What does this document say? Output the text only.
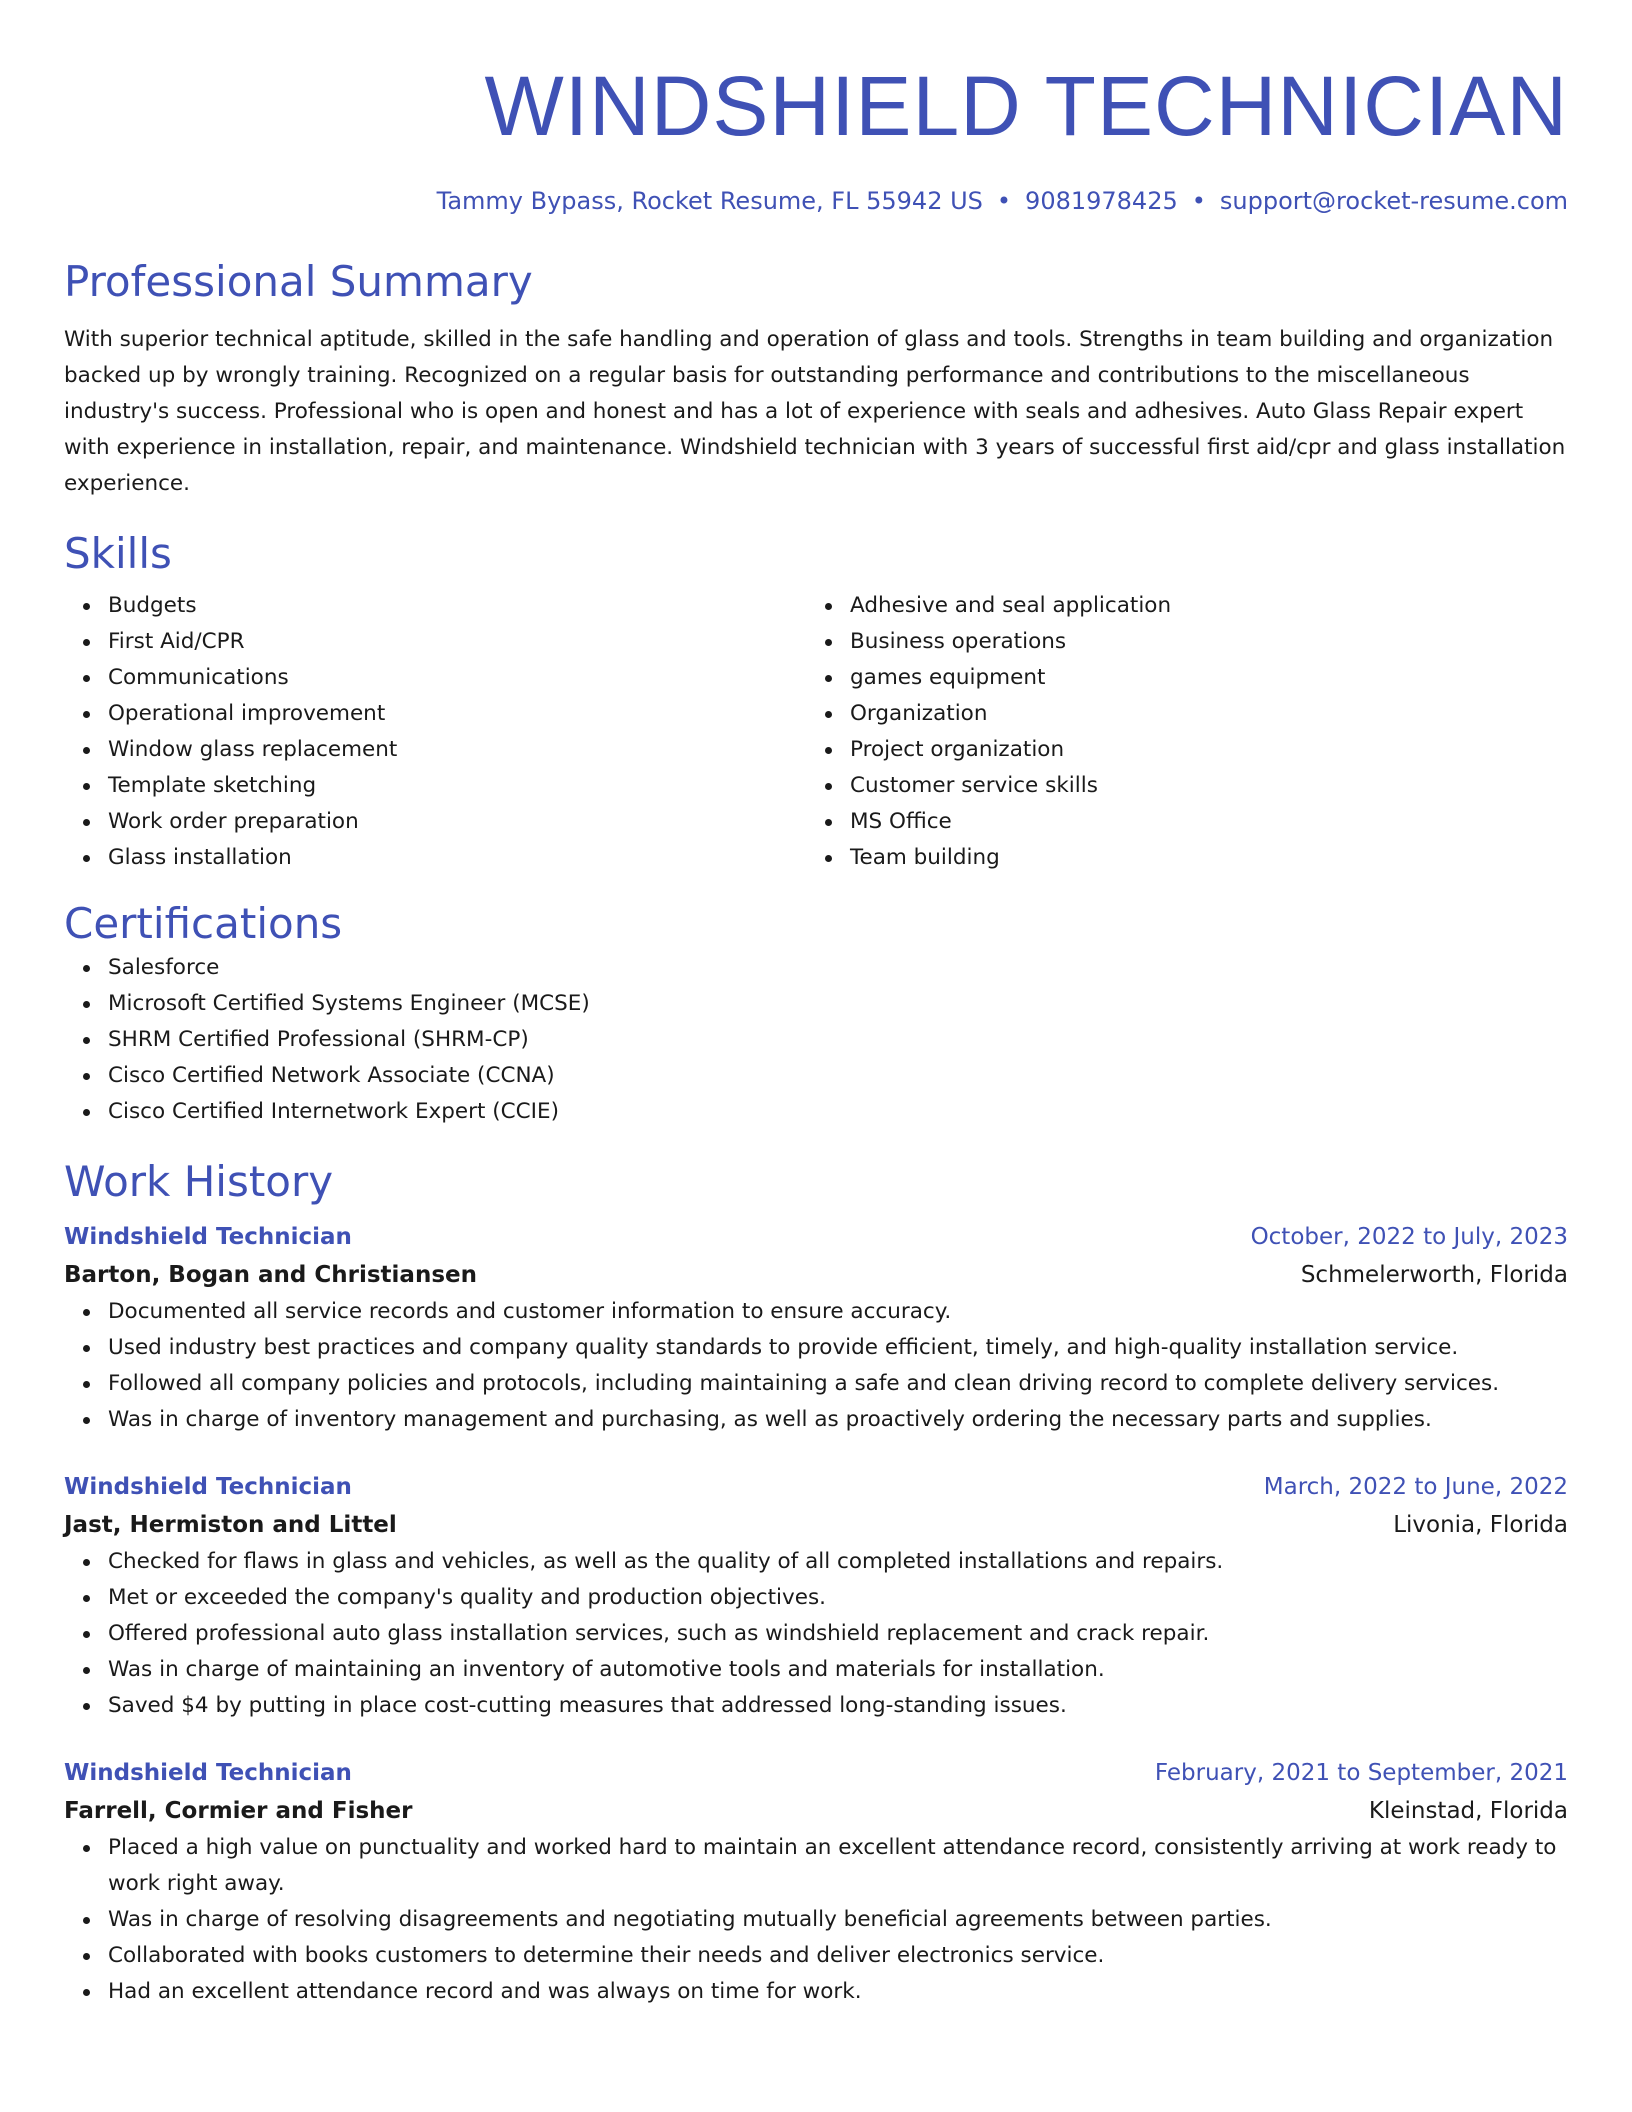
WINDSHIELD TECHNICIAN
Tammy Bypass, Rocket Resume, FL 55942 US • 9081978425 • support@rocket-resume.com
Professional Summary
With superior technical aptitude, skilled in the safe handling and operation of glass and tools. Strengths in team building and organization backed up by wrongly training. Recognized on a regular basis for outstanding performance and contributions to the miscellaneous industry's success. Professional who is open and honest and has a lot of experience with seals and adhesives. Auto Glass Repair expert with experience in installation, repair, and maintenance. Windshield technician with 3 years of successful first aid/cpr and glass installation experience.
Skills
Budgets
First Aid/CPR
Communications
Operational improvement
Window glass replacement
Template sketching
Work order preparation
Glass installation
Adhesive and seal application
Business operations
games equipment
Organization
Project organization
Customer service skills
MS Office
Team building
Certifications
Salesforce
Microsoft Certified Systems Engineer (MCSE)
SHRM Certified Professional (SHRM-CP)
Cisco Certified Network Associate (CCNA)
Cisco Certified Internetwork Expert (CCIE)
Work History
Windshield Technician	October, 2022 to July, 2023
Barton, Bogan and Christiansen	Schmelerworth, Florida
Documented all service records and customer information to ensure accuracy.
Used industry best practices and company quality standards to provide efficient, timely, and high-quality installation service.
Followed all company policies and protocols, including maintaining a safe and clean driving record to complete delivery services.
Was in charge of inventory management and purchasing, as well as proactively ordering the necessary parts and supplies.
Windshield Technician	March, 2022 to June, 2022
Jast, Hermiston and Littel	Livonia, Florida
Checked for flaws in glass and vehicles, as well as the quality of all completed installations and repairs.
Met or exceeded the company's quality and production objectives.
Offered professional auto glass installation services, such as windshield replacement and crack repair.
Was in charge of maintaining an inventory of automotive tools and materials for installation.
Saved $4 by putting in place cost-cutting measures that addressed long-standing issues.
Windshield Technician	February, 2021 to September, 2021
Farrell, Cormier and Fisher	Kleinstad, Florida
Placed a high value on punctuality and worked hard to maintain an excellent attendance record, consistently arriving at work ready to work right away.
Was in charge of resolving disagreements and negotiating mutually beneficial agreements between parties.
Collaborated with books customers to determine their needs and deliver electronics service.
Had an excellent attendance record and was always on time for work.
